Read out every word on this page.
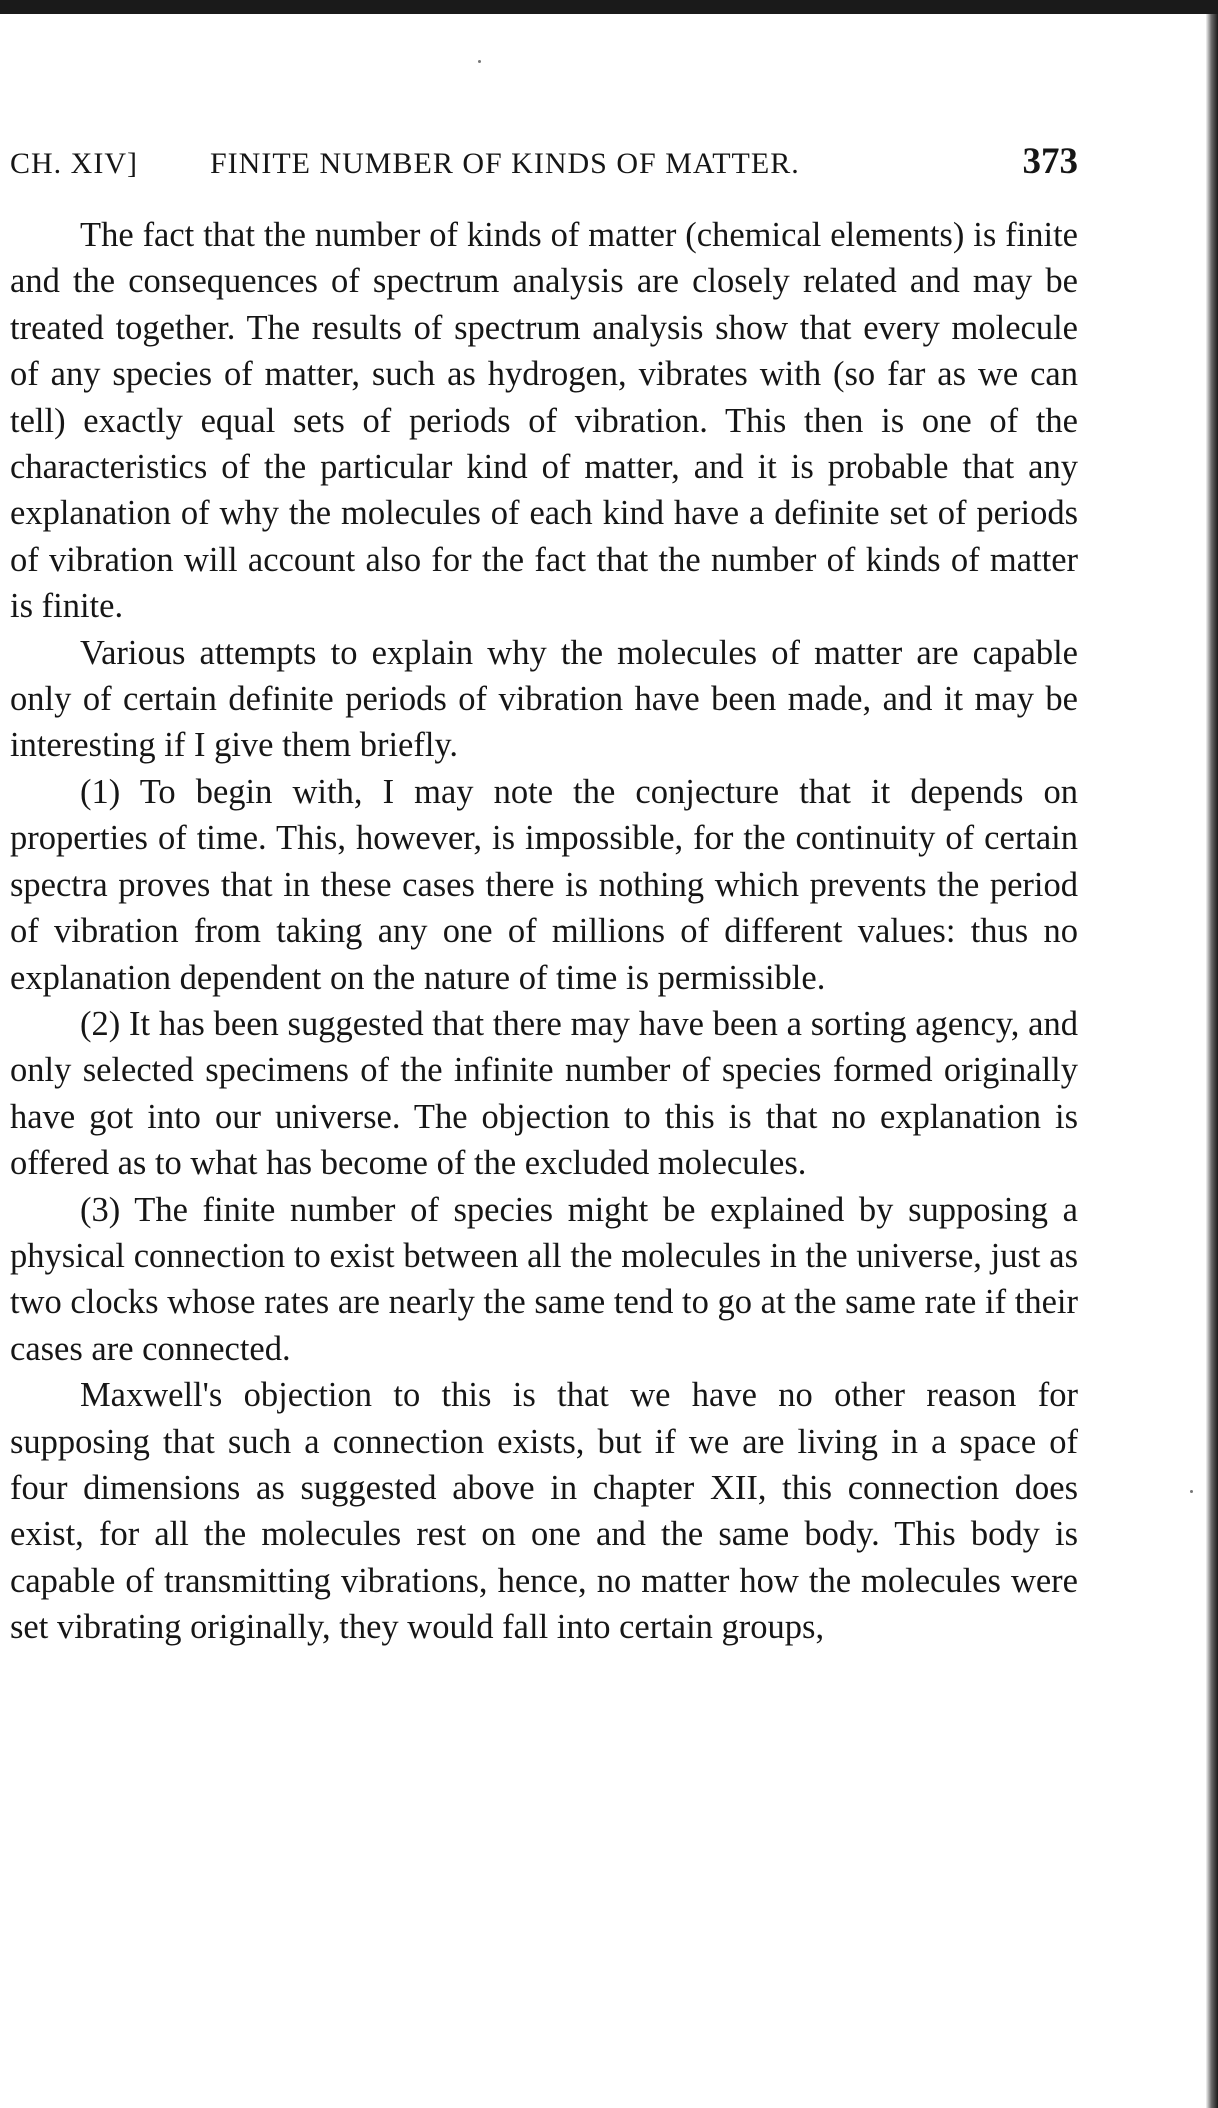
CH. XIV]	FINITE NUMBER OF KINDS OF MATTER.	373

The fact that the number of kinds of matter (chemical elements) is finite and the consequences of spectrum analysis are closely related and may be treated together. The results of spectrum analysis show that every molecule of any species of matter, such as hydrogen, vibrates with (so far as we can tell) exactly equal sets of periods of vibration. This then is one of the characteristics of the particular kind of matter, and it is probable that any explanation of why the molecules of each kind have a definite set of periods of vibration will account also for the fact that the number of kinds of matter is finite.

Various attempts to explain why the molecules of matter are capable only of certain definite periods of vibration have been made, and it may be interesting if I give them briefly.

(1) To begin with, I may note the conjecture that it depends on properties of time. This, however, is impossible, for the continuity of certain spectra proves that in these cases there is nothing which prevents the period of vibration from taking any one of millions of different values: thus no explanation dependent on the nature of time is permissible.

(2) It has been suggested that there may have been a sorting agency, and only selected specimens of the infinite number of species formed originally have got into our universe. The objection to this is that no explanation is offered as to what has become of the excluded molecules.

(3) The finite number of species might be explained by supposing a physical connection to exist between all the molecules in the universe, just as two clocks whose rates are nearly the same tend to go at the same rate if their cases are connected.

Maxwell's objection to this is that we have no other reason for supposing that such a connection exists, but if we are living in a space of four dimensions as suggested above in chapter XII, this connection does exist, for all the molecules rest on one and the same body. This body is capable of transmitting vibrations, hence, no matter how the molecules were set vibrating originally, they would fall into certain groups,
